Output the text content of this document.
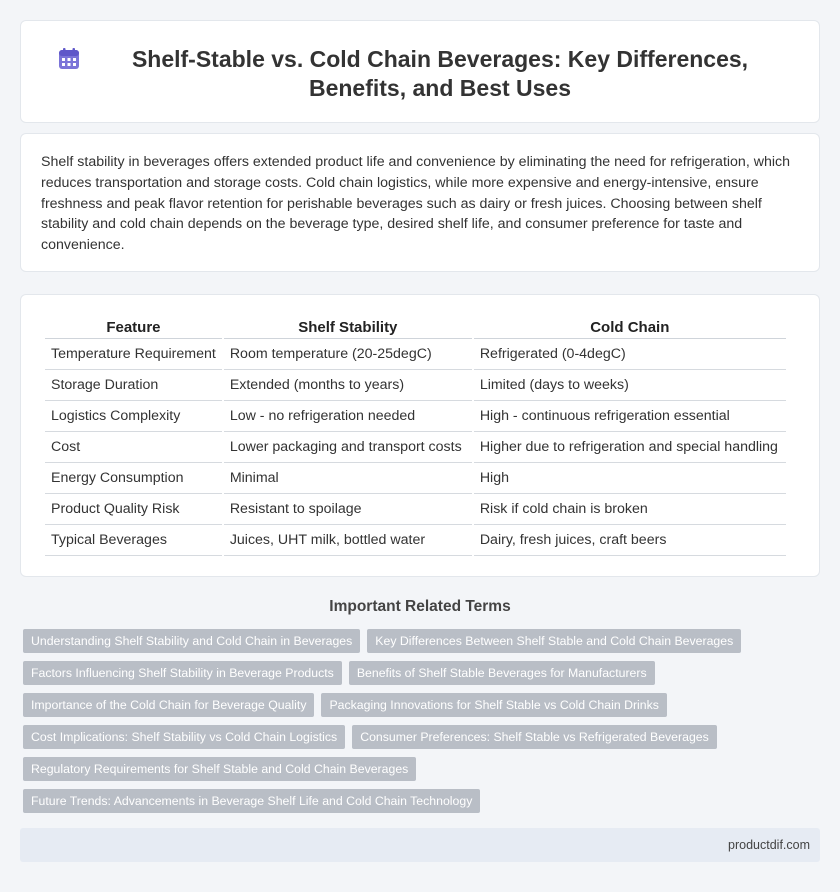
Shelf-Stable vs. Cold Chain Beverages: Key Differences, Benefits, and Best Uses

Shelf stability in beverages offers extended product life and convenience by eliminating the need for refrigeration, which reduces transportation and storage costs. Cold chain logistics, while more expensive and energy-intensive, ensure freshness and peak flavor retention for perishable beverages such as dairy or fresh juices. Choosing between shelf stability and cold chain depends on the beverage type, desired shelf life, and consumer preference for taste and convenience.

Feature	Shelf Stability	Cold Chain
Temperature Requirement	Room temperature (20-25degC)	Refrigerated (0-4degC)
Storage Duration	Extended (months to years)	Limited (days to weeks)
Logistics Complexity	Low - no refrigeration needed	High - continuous refrigeration essential
Cost	Lower packaging and transport costs	Higher due to refrigeration and special handling
Energy Consumption	Minimal	High
Product Quality Risk	Resistant to spoilage	Risk if cold chain is broken
Typical Beverages	Juices, UHT milk, bottled water	Dairy, fresh juices, craft beers
Important Related Terms
Understanding Shelf Stability and Cold Chain in Beverages Key Differences Between Shelf Stable and Cold Chain Beverages
Factors Influencing Shelf Stability in Beverage Products Benefits of Shelf Stable Beverages for Manufacturers
Importance of the Cold Chain for Beverage Quality Packaging Innovations for Shelf Stable vs Cold Chain Drinks
Cost Implications: Shelf Stability vs Cold Chain Logistics Consumer Preferences: Shelf Stable vs Refrigerated Beverages
Regulatory Requirements for Shelf Stable and Cold Chain Beverages
Future Trends: Advancements in Beverage Shelf Life and Cold Chain Technology
productdif.com
